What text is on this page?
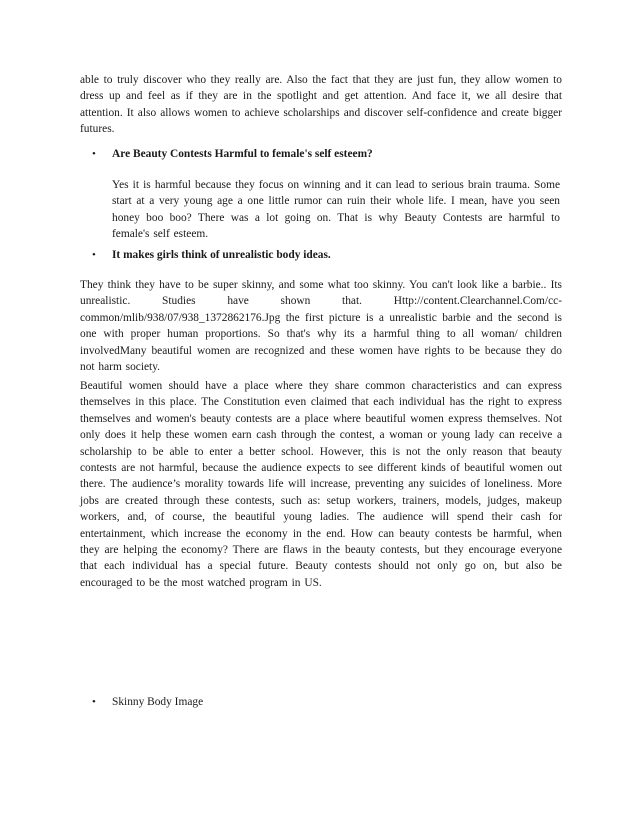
able to truly discover who they really are. Also the fact that they are just fun, they allow women to dress up and feel as if they are in the spotlight and get attention. And face it, we all desire that attention. It also allows women to achieve scholarships and discover self-confidence and create bigger futures.

•	Are Beauty Contests Harmful to female's self esteem?

Yes it is harmful because they focus on winning and it can lead to serious brain trauma. Some start at a very young age a one little rumor can ruin their whole life. I mean, have you seen honey boo boo? There was a lot going on. That is why Beauty Contests are harmful to female's self esteem.

•	It makes girls think of unrealistic body ideas.

They think they have to be super skinny, and some what too skinny. You can't look like a barbie.. Its unrealistic. Studies have shown that. Http://content.Clearchannel.Com/cc-common/mlib/938/07/938_1372862176.Jpg the first picture is a unrealistic barbie and the second is one with proper human proportions. So that's why its a harmful thing to all woman/ children involvedMany beautiful women are recognized and these women have rights to be because they do not harm society.

Beautiful women should have a place where they share common characteristics and can express themselves in this place. The Constitution even claimed that each individual has the right to express themselves and women's beauty contests are a place where beautiful women express themselves. Not only does it help these women earn cash through the contest, a woman or young lady can receive a scholarship to be able to enter a better school. However, this is not the only reason that beauty contests are not harmful, because the audience expects to see different kinds of beautiful women out there. The audience’s morality towards life will increase, preventing any suicides of loneliness. More jobs are created through these contests, such as: setup workers, trainers, models, judges, makeup workers, and, of course, the beautiful young ladies. The audience will spend their cash for entertainment, which increase the economy in the end. How can beauty contests be harmful, when they are helping the economy? There are flaws in the beauty contests, but they encourage everyone that each individual has a special future. Beauty contests should not only go on, but also be encouraged to be the most watched program in US.

•	Skinny Body Image
